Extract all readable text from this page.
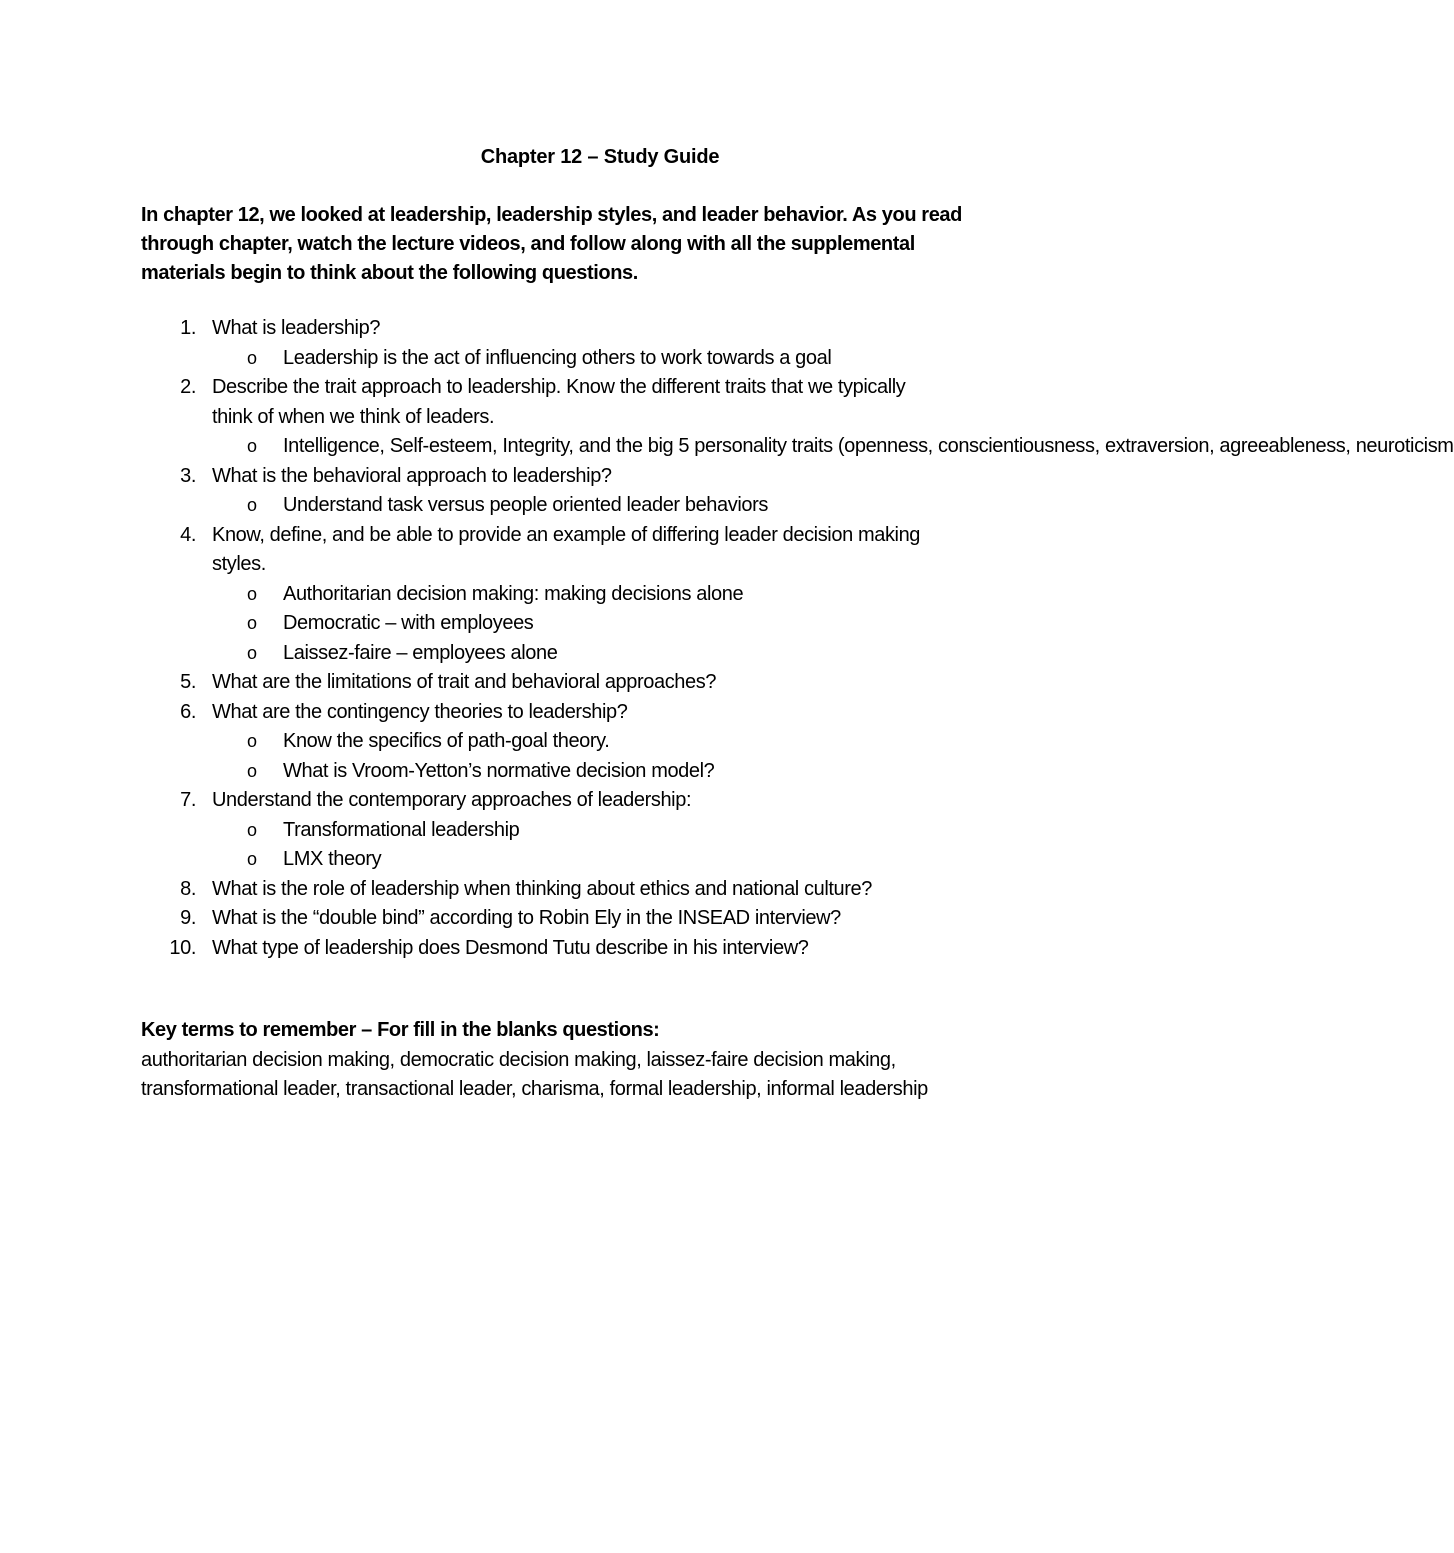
Chapter 12 – Study Guide
In chapter 12, we looked at leadership, leadership styles, and leader behavior. As you read
through chapter, watch the lecture videos, and follow along with all the supplemental
materials begin to think about the following questions.
1. What is leadership?
o Leadership is the act of influencing others to work towards a goal
2. Describe the trait approach to leadership. Know the different traits that we typically
think of when we think of leaders.
o Intelligence, Self-esteem, Integrity, and the big 5 personality traits (openness, conscientiousness, extraversion, agreeableness, neuroticism
3. What is the behavioral approach to leadership?
o Understand task versus people oriented leader behaviors
4. Know, define, and be able to provide an example of differing leader decision making
styles.
o Authoritarian decision making: making decisions alone
o Democratic – with employees
o Laissez-faire – employees alone
5. What are the limitations of trait and behavioral approaches?
6. What are the contingency theories to leadership?
o Know the specifics of path-goal theory.
o What is Vroom-Yetton’s normative decision model?
7. Understand the contemporary approaches of leadership:
o Transformational leadership
o LMX theory
8. What is the role of leadership when thinking about ethics and national culture?
9. What is the “double bind” according to Robin Ely in the INSEAD interview?
10. What type of leadership does Desmond Tutu describe in his interview?
Key terms to remember – For fill in the blanks questions:
authoritarian decision making, democratic decision making, laissez-faire decision making,
transformational leader, transactional leader, charisma, formal leadership, informal leadership
